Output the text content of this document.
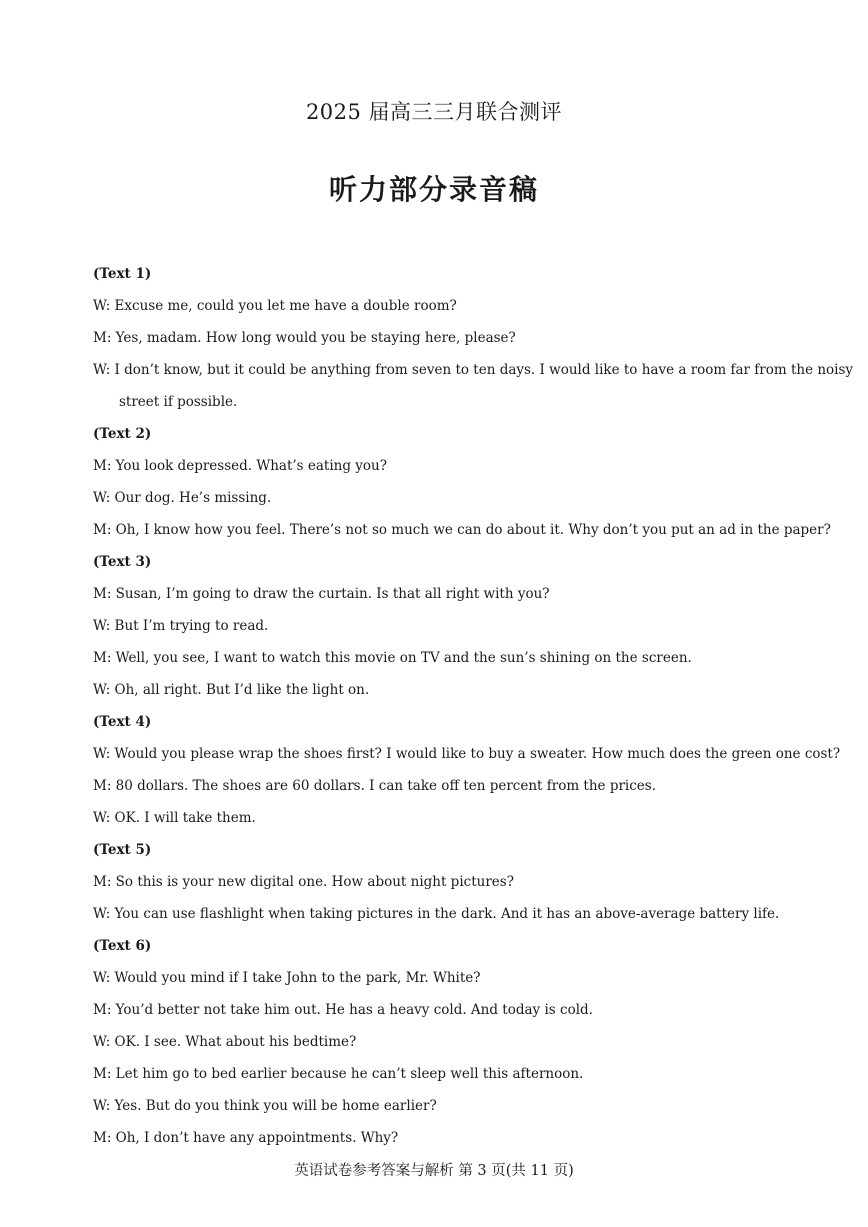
2025 届高三三月联合测评
听力部分录音稿
(Text 1)
W: Excuse me, could you let me have a double room?
M: Yes, madam. How long would you be staying here, please?
W: I don’t know, but it could be anything from seven to ten days. I would like to have a room far from the noisy
street if possible.
(Text 2)
M: You look depressed. What’s eating you?
W: Our dog. He’s missing.
M: Oh, I know how you feel. There’s not so much we can do about it. Why don’t you put an ad in the paper?
(Text 3)
M: Susan, I’m going to draw the curtain. Is that all right with you?
W: But I’m trying to read.
M: Well, you see, I want to watch this movie on TV and the sun’s shining on the screen.
W: Oh, all right. But I’d like the light on.
(Text 4)
W: Would you please wrap the shoes first? I would like to buy a sweater. How much does the green one cost?
M: 80 dollars. The shoes are 60 dollars. I can take off ten percent from the prices.
W: OK. I will take them.
(Text 5)
M: So this is your new digital one. How about night pictures?
W: You can use flashlight when taking pictures in the dark. And it has an above-average battery life.
(Text 6)
W: Would you mind if I take John to the park, Mr. White?
M: You’d better not take him out. He has a heavy cold. And today is cold.
W: OK. I see. What about his bedtime?
M: Let him go to bed earlier because he can’t sleep well this afternoon.
W: Yes. But do you think you will be home earlier?
M: Oh, I don’t have any appointments. Why?
英语试卷参考答案与解析 第 3 页(共 11 页)
